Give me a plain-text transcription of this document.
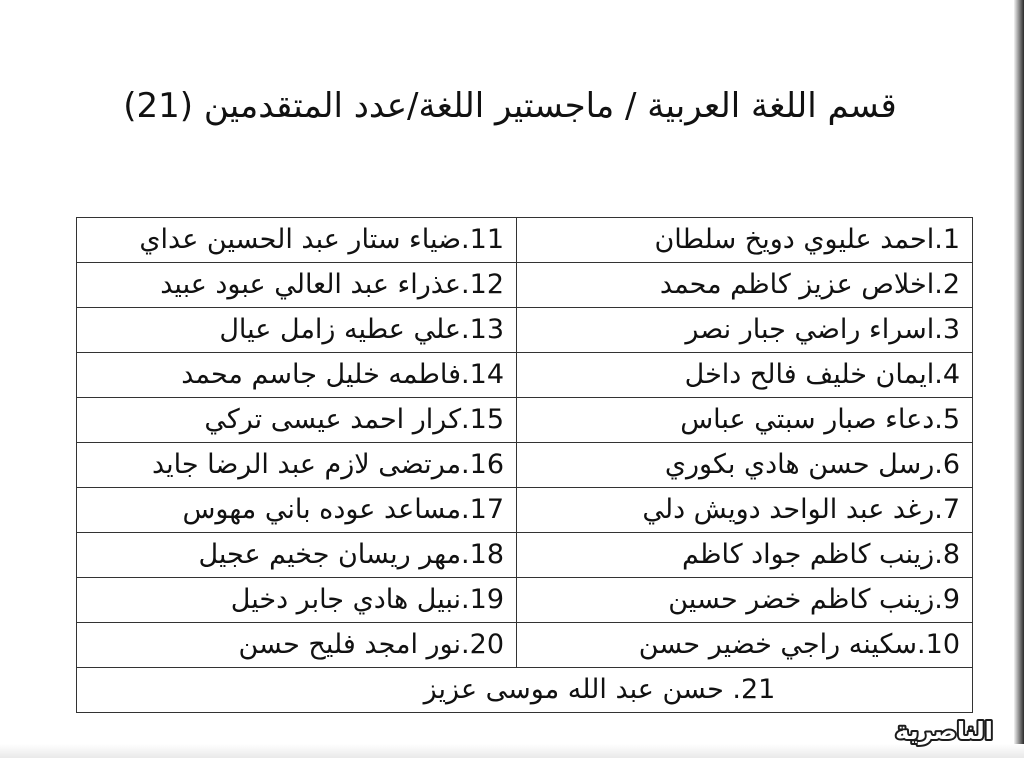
قسم اللغة العربية / ماجستير اللغة/عدد المتقدمين (21)
11.ضياء ستار عبد الحسين عداي	1.احمد عليوي دويخ سلطان
12.عذراء عبد العالي عبود عبيد	2.اخلاص عزيز كاظم محمد
13.علي عطيه زامل عيال	3.اسراء راضي جبار نصر
14.فاطمه خليل جاسم محمد	4.ايمان خليف فالح داخل
15.كرار احمد عيسى تركي	5.دعاء صبار سبتي عباس
16.مرتضى لازم عبد الرضا جايد	6.رسل حسن هادي بكوري
17.مساعد عوده باني مهوس	7.رغد عبد الواحد دويش دلي
18.مهر ريسان جخيم عجيل	8.زينب كاظم جواد كاظم
19.نبيل هادي جابر دخيل	9.زينب كاظم خضر حسين
20.نور امجد فليح حسن	10.سكينه راجي خضير حسن
21. حسن عبد الله موسى عزيز	
الناصرية
